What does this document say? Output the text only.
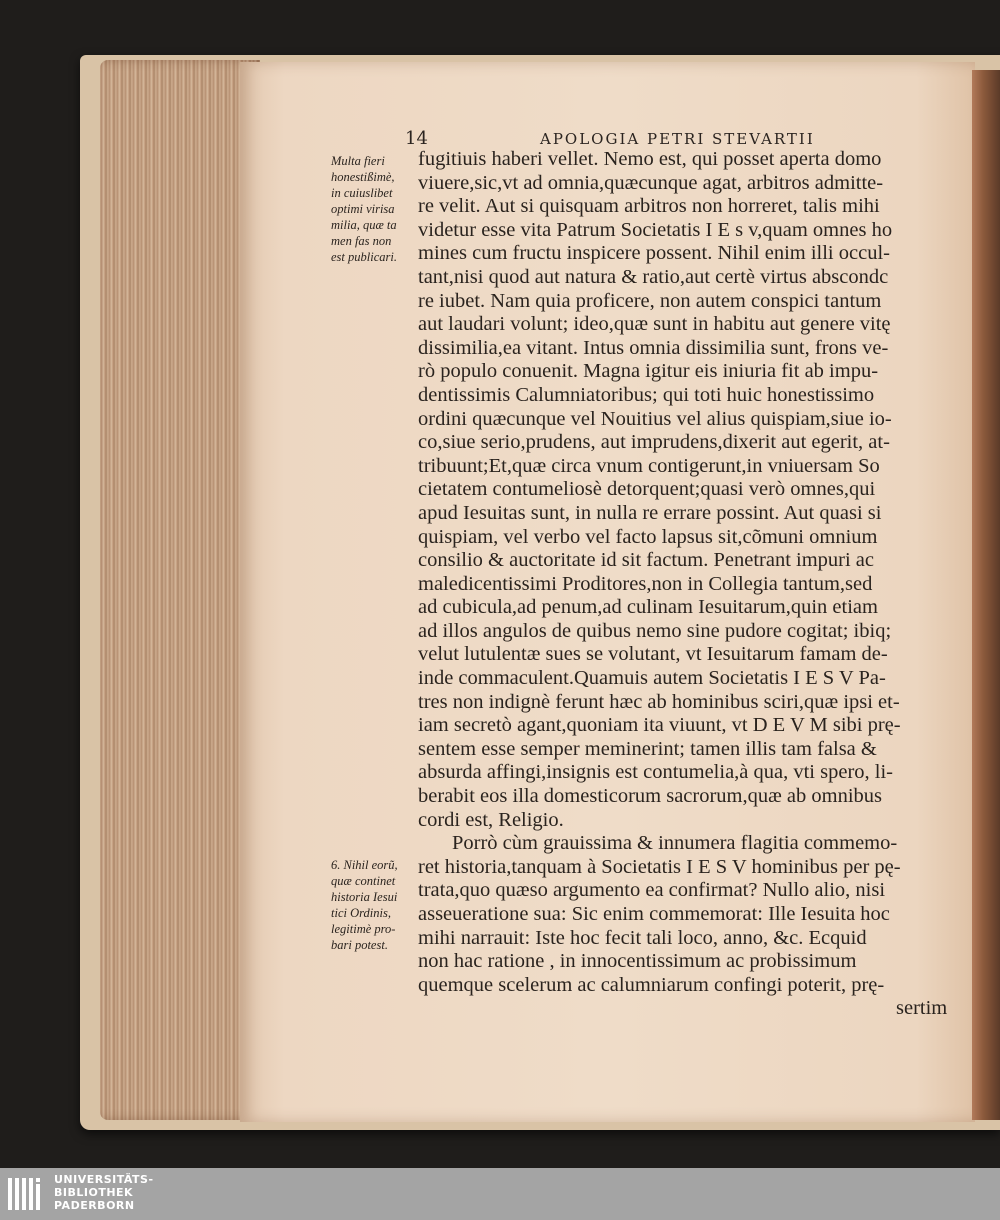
14	APOLOGIA PETRI STEVARTII
Multa fieri
honestißimè,
in cuiuslibet
optimi virisa
milia, quæ ta
men fas non
est publicari.
6. Nihil eorũ,
quæ continet
historia Iesui
tici Ordinis,
legitimè pro-
bari potest.
fugitiuis haberi vellet. Nemo est, qui posset aperta domo
viuere,sic,vt ad omnia,quæcunque agat, arbitros admitte-
re velit. Aut si quisquam arbitros non horreret, talis mihi
videtur esse vita Patrum Societatis I E s v,quam omnes ho
mines cum fructu inspicere possent. Nihil enim illi occul-
tant,nisi quod aut natura & ratio,aut certè virtus abscondc
re iubet. Nam quia proficere, non autem conspici tantum
aut laudari volunt; ideo,quæ sunt in habitu aut genere vitę
dissimilia,ea vitant. Intus omnia dissimilia sunt, frons ve-
rò populo conuenit. Magna igitur eis iniuria fit ab impu-
dentissimis Calumniatoribus; qui toti huic honestissimo
ordini quæcunque vel Nouitius vel alius quispiam,siue io-
co,siue serio,prudens, aut imprudens,dixerit aut egerit, at-
tribuunt;Et,quæ circa vnum contigerunt,in vniuersam So
cietatem contumeliosè detorquent;quasi verò omnes,qui
apud Iesuitas sunt, in nulla re errare possint. Aut quasi si
quispiam, vel verbo vel facto lapsus sit,cõmuni omnium
consilio & auctoritate id sit factum. Penetrant impuri ac
maledicentissimi Proditores,non in Collegia tantum,sed
ad cubicula,ad penum,ad culinam Iesuitarum,quin etiam
ad illos angulos de quibus nemo sine pudore cogitat; ibiq;
velut lutulentæ sues se volutant, vt Iesuitarum famam de-
inde commaculent.Quamuis autem Societatis I E S V Pa-
tres non indignè ferunt hæc ab hominibus sciri,quæ ipsi et-
iam secretò agant,quoniam ita viuunt, vt D E V M sibi prę-
sentem esse semper meminerint; tamen illis tam falsa &
absurda affingi,insignis est contumelia,à qua, vti spero, li-
berabit eos illa domesticorum sacrorum,quæ ab omnibus
cordi est, Religio.
Porrò cùm grauissima & innumera flagitia commemo-
ret historia,tanquam à Societatis I E S V hominibus per pę-
trata,quo quæso argumento ea confirmat? Nullo alio, nisi
asseueratione sua: Sic enim commemorat: Ille Iesuita hoc
mihi narrauit: Iste hoc fecit tali loco, anno, &c. Ecquid
non hac ratione , in innocentissimum ac probissimum
quemque scelerum ac calumniarum confingi poterit, prę-
sertim
UNIVERSITÄTS-
BIBLIOTHEK
PADERBORN
